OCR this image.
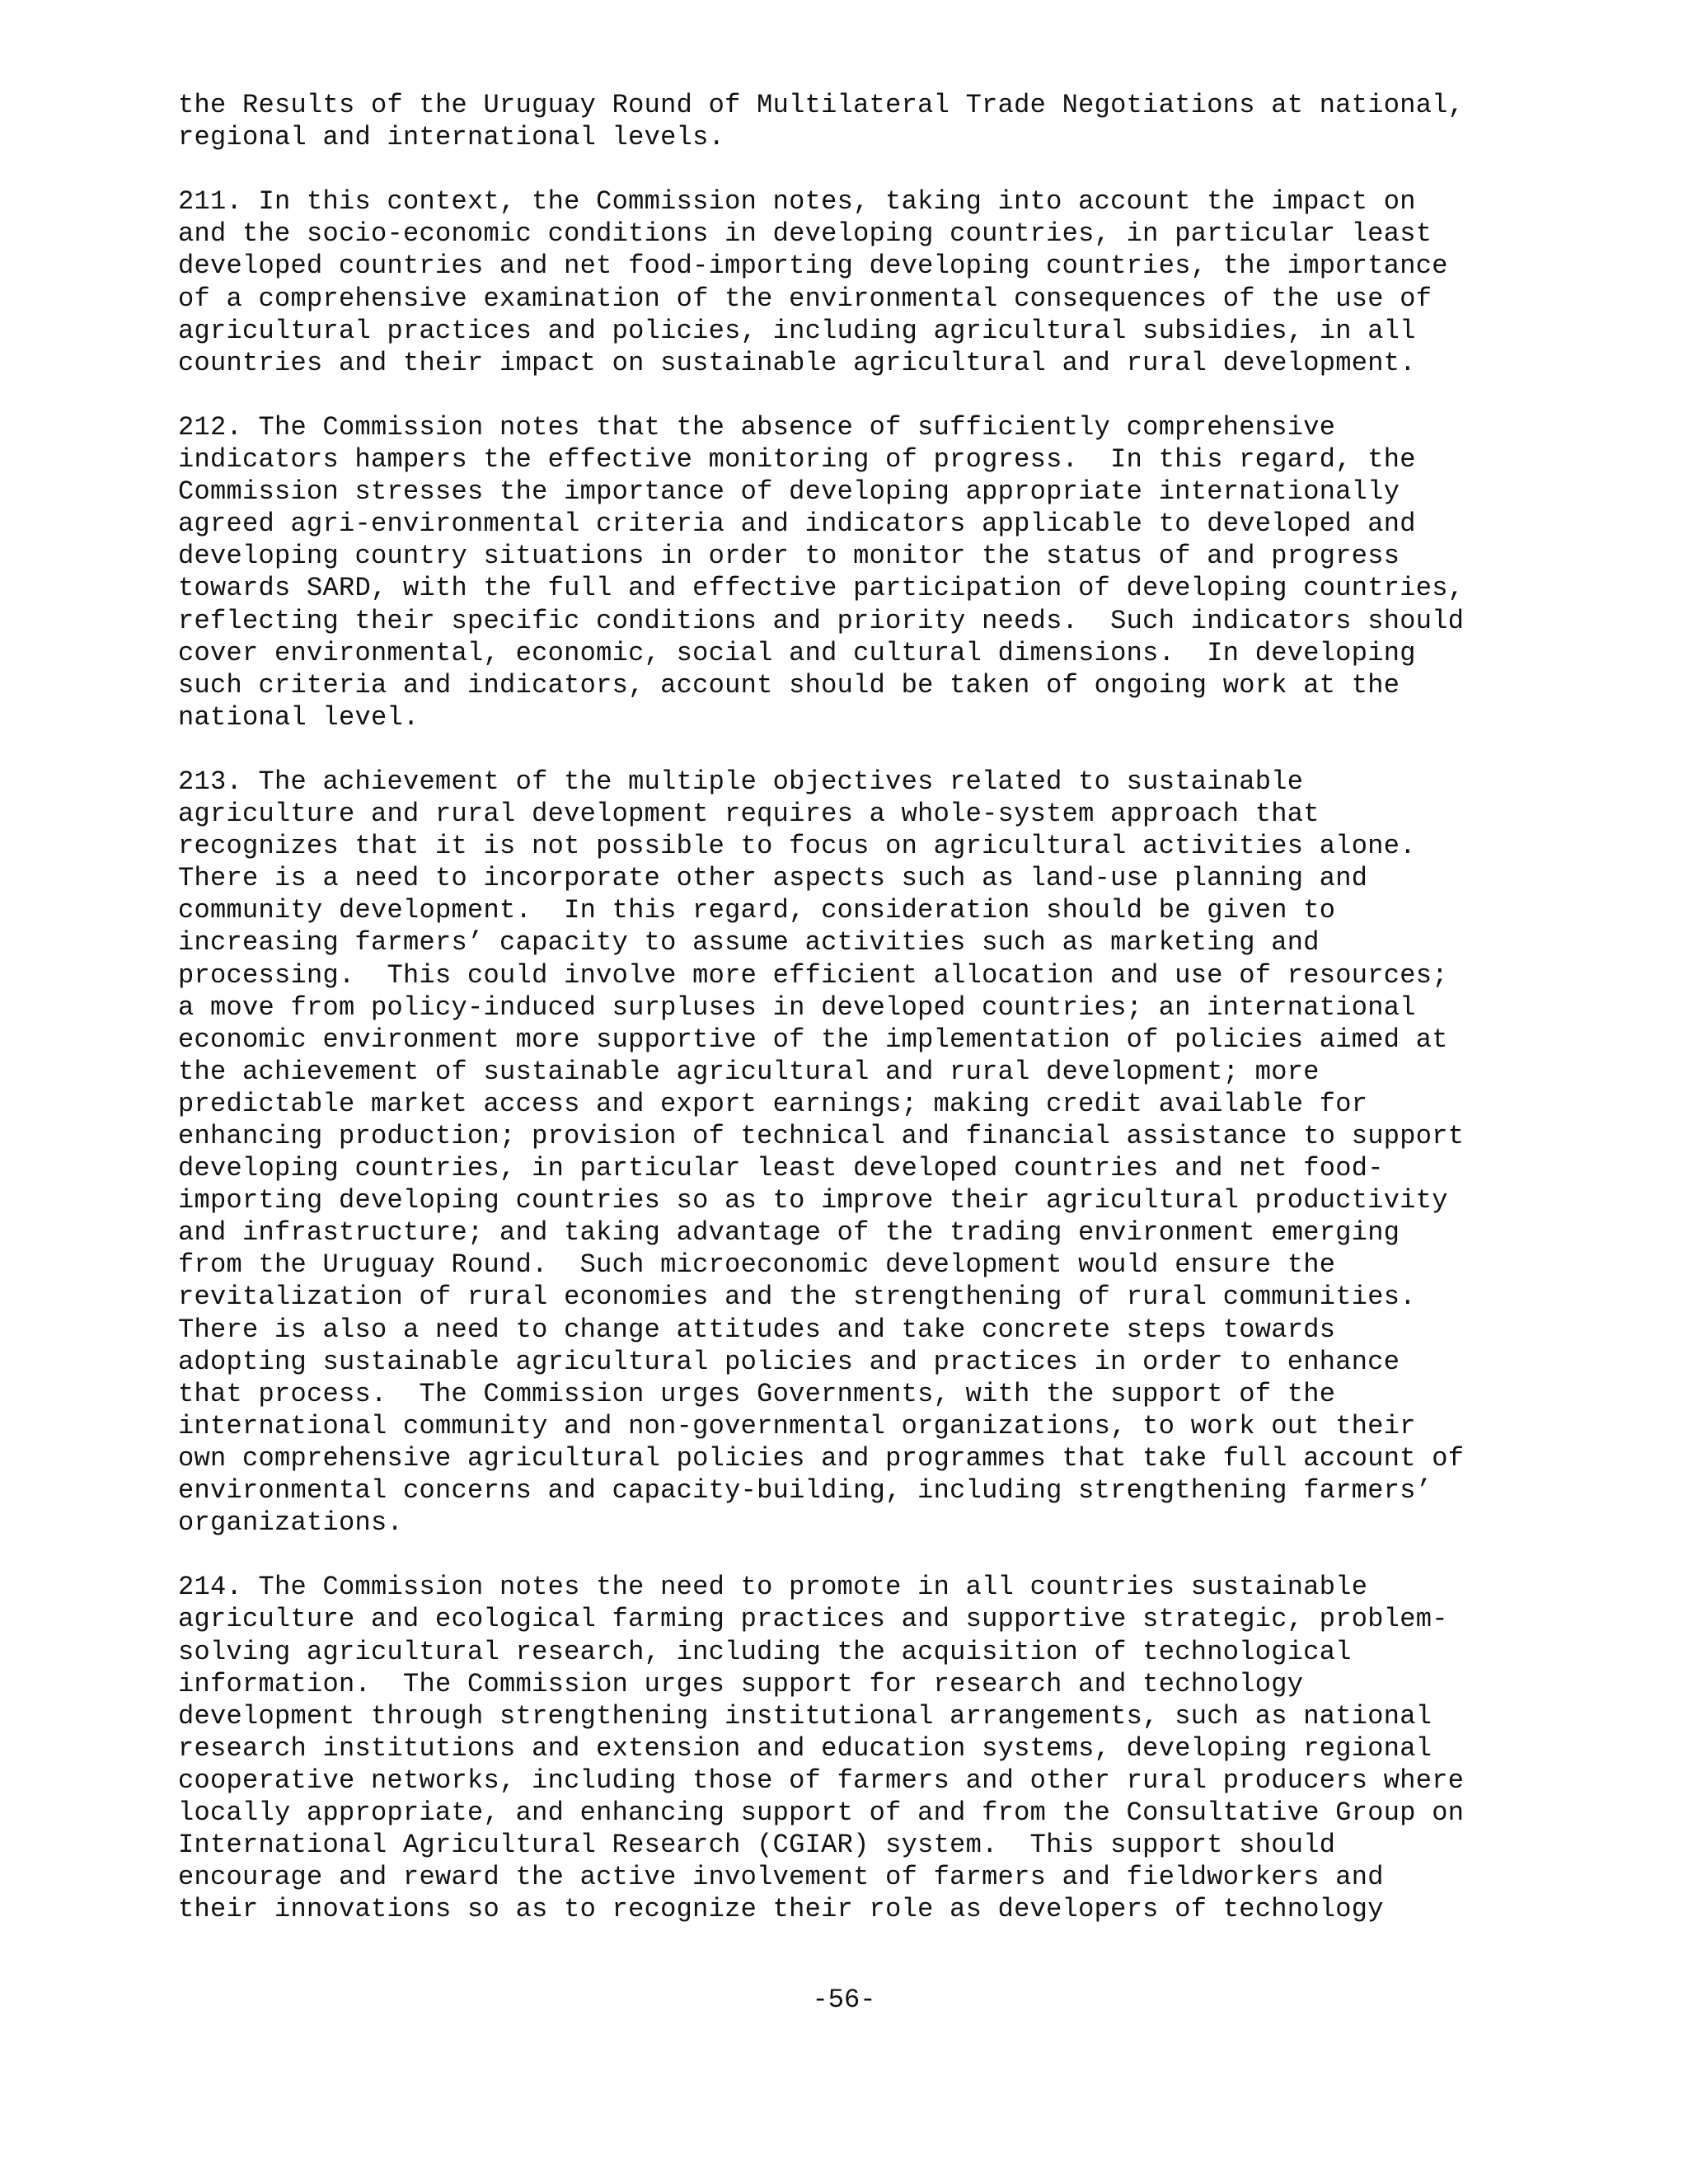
the Results of the Uruguay Round of Multilateral Trade Negotiations at national,
regional and international levels.
211. In this context, the Commission notes, taking into account the impact on
and the socio-economic conditions in developing countries, in particular least
developed countries and net food-importing developing countries, the importance
of a comprehensive examination of the environmental consequences of the use of
agricultural practices and policies, including agricultural subsidies, in all
countries and their impact on sustainable agricultural and rural development.
212. The Commission notes that the absence of sufficiently comprehensive
indicators hampers the effective monitoring of progress.  In this regard, the
Commission stresses the importance of developing appropriate internationally
agreed agri-environmental criteria and indicators applicable to developed and
developing country situations in order to monitor the status of and progress
towards SARD, with the full and effective participation of developing countries,
reflecting their specific conditions and priority needs.  Such indicators should
cover environmental, economic, social and cultural dimensions.  In developing
such criteria and indicators, account should be taken of ongoing work at the
national level.
213. The achievement of the multiple objectives related to sustainable
agriculture and rural development requires a whole-system approach that
recognizes that it is not possible to focus on agricultural activities alone.
There is a need to incorporate other aspects such as land-use planning and
community development.  In this regard, consideration should be given to
increasing farmers’ capacity to assume activities such as marketing and
processing.  This could involve more efficient allocation and use of resources;
a move from policy-induced surpluses in developed countries; an international
economic environment more supportive of the implementation of policies aimed at
the achievement of sustainable agricultural and rural development; more
predictable market access and export earnings; making credit available for
enhancing production; provision of technical and financial assistance to support
developing countries, in particular least developed countries and net food-
importing developing countries so as to improve their agricultural productivity
and infrastructure; and taking advantage of the trading environment emerging
from the Uruguay Round.  Such microeconomic development would ensure the
revitalization of rural economies and the strengthening of rural communities.
There is also a need to change attitudes and take concrete steps towards
adopting sustainable agricultural policies and practices in order to enhance
that process.  The Commission urges Governments, with the support of the
international community and non-governmental organizations, to work out their
own comprehensive agricultural policies and programmes that take full account of
environmental concerns and capacity-building, including strengthening farmers’
organizations.
214. The Commission notes the need to promote in all countries sustainable
agriculture and ecological farming practices and supportive strategic, problem-
solving agricultural research, including the acquisition of technological
information.  The Commission urges support for research and technology
development through strengthening institutional arrangements, such as national
research institutions and extension and education systems, developing regional
cooperative networks, including those of farmers and other rural producers where
locally appropriate, and enhancing support of and from the Consultative Group on
International Agricultural Research (CGIAR) system.  This support should
encourage and reward the active involvement of farmers and fieldworkers and
their innovations so as to recognize their role as developers of technology
-56-
